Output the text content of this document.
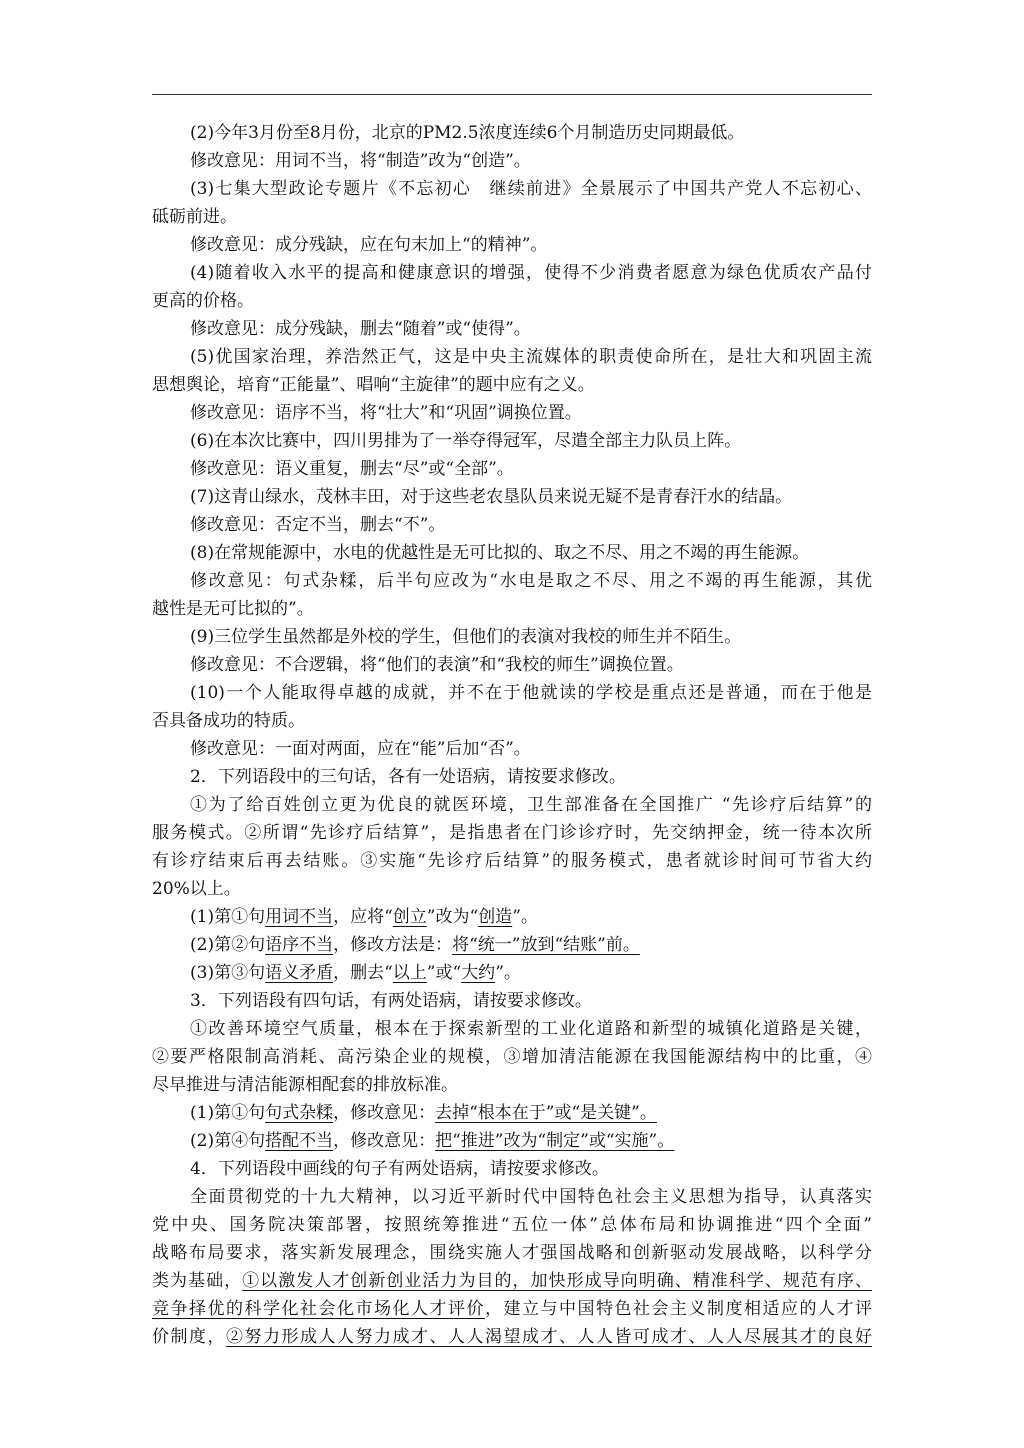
(2)今年3月份至8月份，北京的PM2.5浓度连续6个月制造历史同期最低。
修改意见：用词不当，将“制造”改为“创造”。
(3)七集大型政论专题片《不忘初心　继续前进》全景展示了中国共产党人不忘初心、
砥砺前进。
修改意见：成分残缺，应在句末加上“的精神”。
(4)随着收入水平的提高和健康意识的增强，使得不少消费者愿意为绿色优质农产品付
更高的价格。
修改意见：成分残缺，删去“随着”或“使得”。
(5)优国家治理，养浩然正气，这是中央主流媒体的职责使命所在，是壮大和巩固主流
思想舆论，培育“正能量”、唱响“主旋律”的题中应有之义。
修改意见：语序不当，将“壮大”和“巩固”调换位置。
(6)在本次比赛中，四川男排为了一举夺得冠军，尽遣全部主力队员上阵。
修改意见：语义重复，删去“尽”或“全部”。
(7)这青山绿水，茂林丰田，对于这些老农垦队员来说无疑不是青春汗水的结晶。
修改意见：否定不当，删去“不”。
(8)在常规能源中，水电的优越性是无可比拟的、取之不尽、用之不竭的再生能源。
修改意见：句式杂糅，后半句应改为“水电是取之不尽、用之不竭的再生能源，其优
越性是无可比拟的”。
(9)三位学生虽然都是外校的学生，但他们的表演对我校的师生并不陌生。
修改意见：不合逻辑，将“他们的表演”和“我校的师生”调换位置。
(10)一个人能取得卓越的成就，并不在于他就读的学校是重点还是普通，而在于他是
否具备成功的特质。
修改意见：一面对两面，应在“能”后加“否”。
2．下列语段中的三句话，各有一处语病，请按要求修改。
①为了给百姓创立更为优良的就医环境，卫生部准备在全国推广 “先诊疗后结算”的
服务模式。②所谓“先诊疗后结算”，是指患者在门诊诊疗时，先交纳押金，统一待本次所
有诊疗结束后再去结账。③实施“先诊疗后结算”的服务模式，患者就诊时间可节省大约
20%以上。
(1)第①句用词不当，应将“创立”改为“创造”。
(2)第②句语序不当，修改方法是：将“统一”放到“结账”前。
(3)第③句语义矛盾，删去“以上”或“大约”。
3．下列语段有四句话，有两处语病，请按要求修改。
①改善环境空气质量，根本在于探索新型的工业化道路和新型的城镇化道路是关键，
②要严格限制高消耗、高污染企业的规模，③增加清洁能源在我国能源结构中的比重，④
尽早推进与清洁能源相配套的排放标准。
(1)第①句句式杂糅，修改意见：去掉“根本在于”或“是关键”。
(2)第④句搭配不当，修改意见：把“推进”改为“制定”或“实施”。
4．下列语段中画线的句子有两处语病，请按要求修改。
全面贯彻党的十九大精神，以习近平新时代中国特色社会主义思想为指导，认真落实
党中央、国务院决策部署，按照统筹推进“五位一体”总体布局和协调推进“四个全面”
战略布局要求，落实新发展理念，围绕实施人才强国战略和创新驱动发展战略，以科学分
类为基础，①以激发人才创新创业活力为目的，加快形成导向明确、精准科学、规范有序、
竞争择优的科学化社会化市场化人才评价，建立与中国特色社会主义制度相适应的人才评
价制度，②努力形成人人努力成才、人人渴望成才、人人皆可成才、人人尽展其才的良好
